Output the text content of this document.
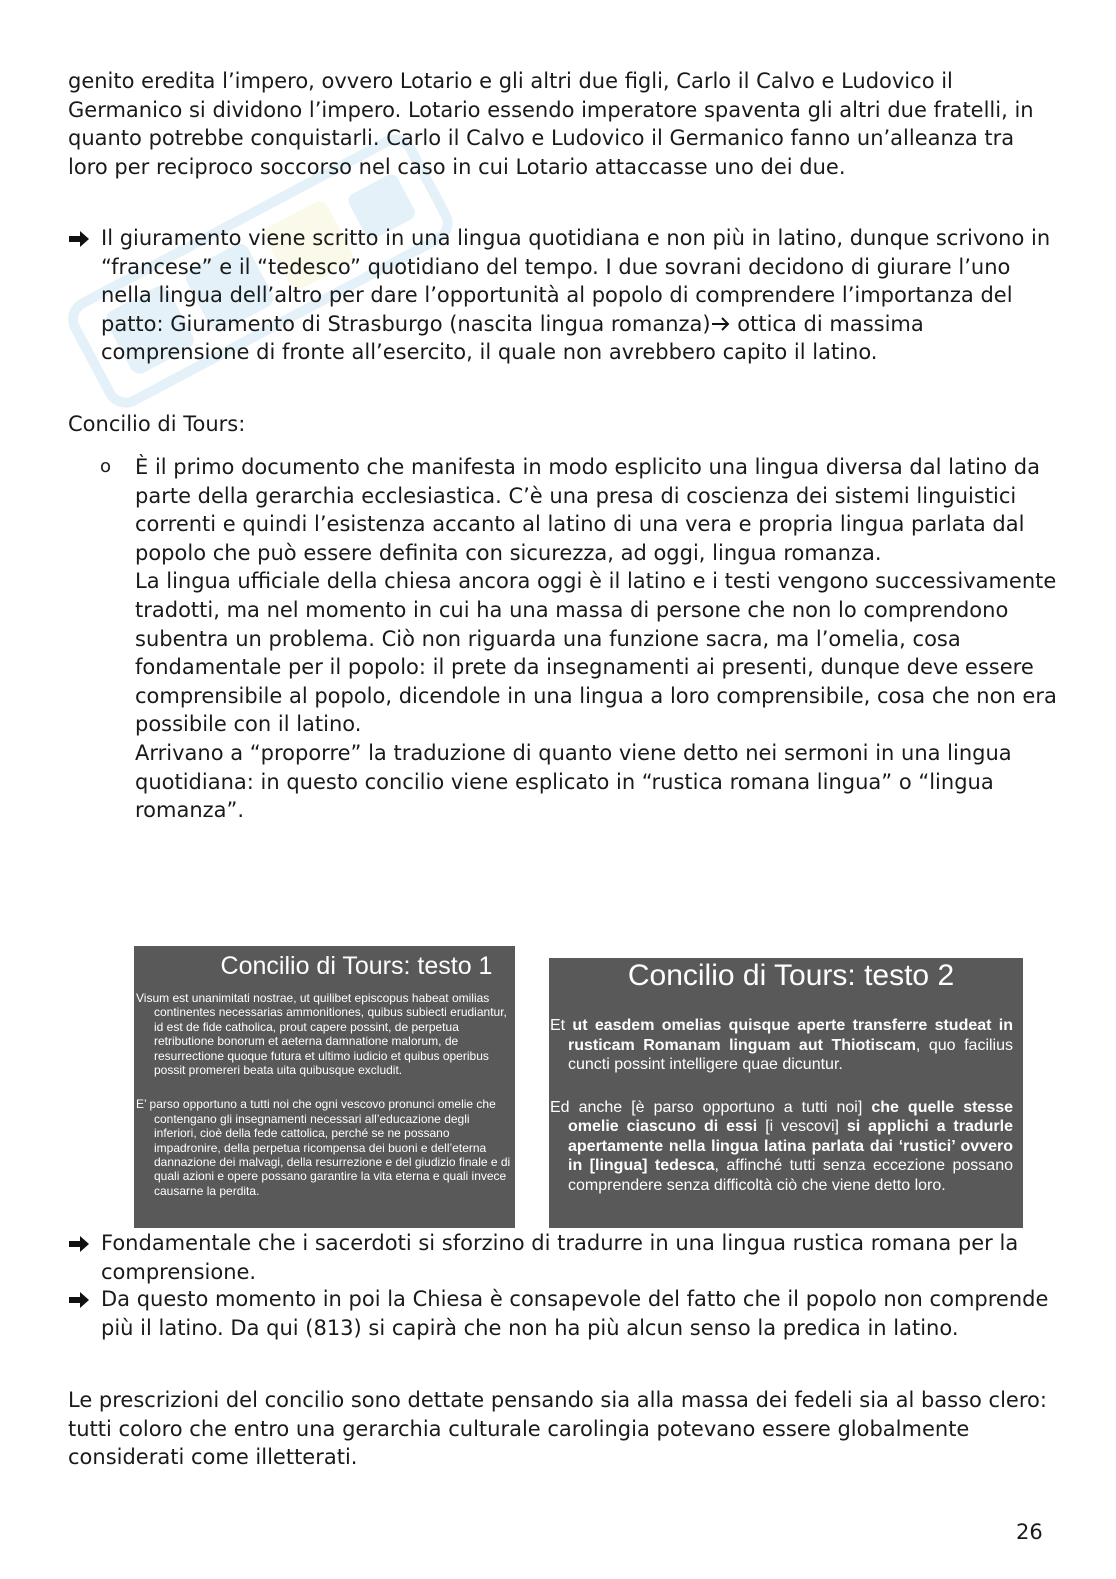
genito eredita l’impero, ovvero Lotario e gli altri due figli, Carlo il Calvo e Ludovico il Germanico si dividono l’impero. Lotario essendo imperatore spaventa gli altri due fratelli, in quanto potrebbe conquistarli. Carlo il Calvo e Ludovico il Germanico fanno un’alleanza tra loro per reciproco soccorso nel caso in cui Lotario attaccasse uno dei due.

Il giuramento viene scritto in una lingua quotidiana e non più in latino, dunque scrivono in “francese” e il “tedesco” quotidiano del tempo. I due sovrani decidono di giurare l’uno nella lingua dell’altro per dare l’opportunità al popolo di comprendere l’importanza del patto: Giuramento di Strasburgo (nascita lingua romanza) ottica di massima comprensione di fronte all’esercito, il quale non avrebbero capito il latino.

Concilio di Tours:

o È il primo documento che manifesta in modo esplicito una lingua diversa dal latino da parte della gerarchia ecclesiastica. C’è una presa di coscienza dei sistemi linguistici correnti e quindi l’esistenza accanto al latino di una vera e propria lingua parlata dal popolo che può essere definita con sicurezza, ad oggi, lingua romanza.

La lingua ufficiale della chiesa ancora oggi è il latino e i testi vengono successivamente tradotti, ma nel momento in cui ha una massa di persone che non lo comprendono subentra un problema. Ciò non riguarda una funzione sacra, ma l’omelia, cosa fondamentale per il popolo: il prete da insegnamenti ai presenti, dunque deve essere comprensibile al popolo, dicendole in una lingua a loro comprensibile, cosa che non era possibile con il latino.

Arrivano a “proporre” la traduzione di quanto viene detto nei sermoni in una lingua quotidiana: in questo concilio viene esplicato in “rustica romana lingua” o “lingua romanza”.

Concilio di Tours: testo 1

Visum est unanimitati nostrae, ut quilibet episcopus habeat omilias continentes necessarias ammonitiones, quibus subiecti erudiantur, id est de fide catholica, prout capere possint, de perpetua retributione bonorum et aeterna damnatione malorum, de resurrectione quoque futura et ultimo iudicio et quibus operibus possit promereri beata uita quibusque excludit.

E’ parso opportuno a tutti noi che ogni vescovo pronunci omelie che contengano gli insegnamenti necessari all’educazione degli inferiori, cioè della fede cattolica, perché se ne possano impadronire, della perpetua ricompensa dei buoni e dell’eterna dannazione dei malvagi, della resurrezione e del giudizio finale e di quali azioni e opere possano garantire la vita eterna e quali invece causarne la perdita.

Concilio di Tours: testo 2

Et ut easdem omelias quisque aperte transferre studeat in rusticam Romanam linguam aut Thiotiscam, quo facilius cuncti possint intelligere quae dicuntur.

Ed anche [è parso opportuno a tutti noi] che quelle stesse omelie ciascuno di essi [i vescovi] si applichi a tradurle apertamente nella lingua latina parlata dai ‘rustici’ ovvero in [lingua] tedesca, affinché tutti senza eccezione possano comprendere senza difficoltà ciò che viene detto loro.

Fondamentale che i sacerdoti si sforzino di tradurre in una lingua rustica romana per la comprensione.
Da questo momento in poi la Chiesa è consapevole del fatto che il popolo non comprende più il latino. Da qui (813) si capirà che non ha più alcun senso la predica in latino.

Le prescrizioni del concilio sono dettate pensando sia alla massa dei fedeli sia al basso clero: tutti coloro che entro una gerarchia culturale carolingia potevano essere globalmente considerati come illetterati.

26
